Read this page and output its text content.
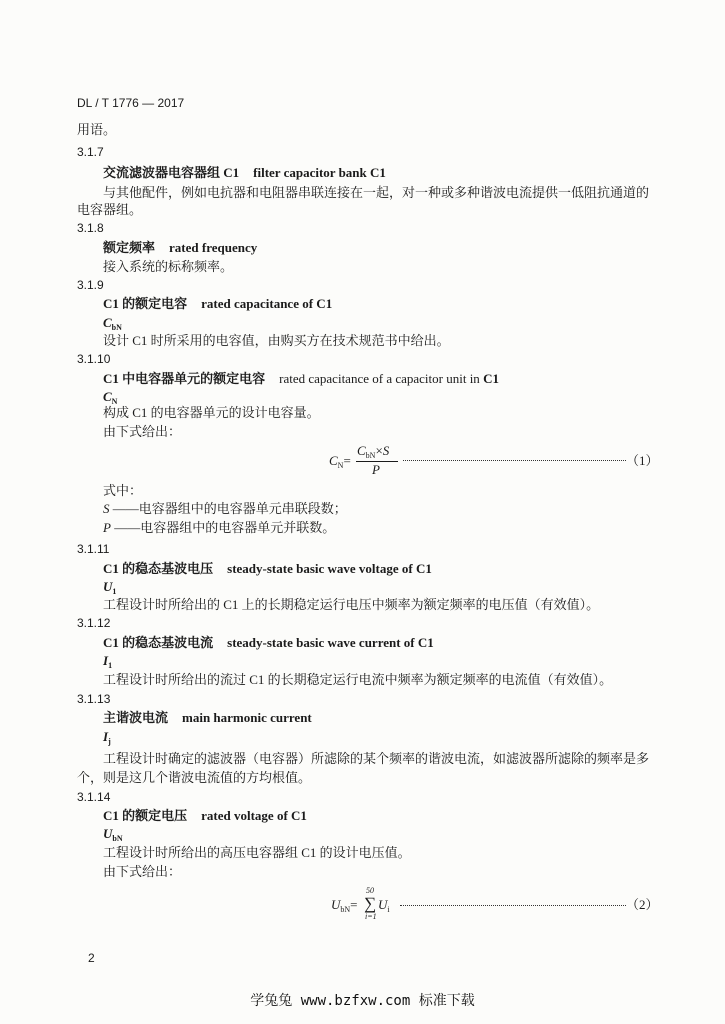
DL / T 1776 — 2017
用语。
3.1.7
交流滤波器电容器组 C1 filter capacitor bank C1
与其他配件，例如电抗器和电阻器串联连接在一起，对一种或多种谐波电流提供一低阻抗通道的
电容器组。
3.1.8
额定频率 rated frequency
接入系统的标称频率。
3.1.9
C1 的额定电容 rated capacitance of C1
$C_{bN}$
设计 C1 时所采用的电容值，由购买方在技术规范书中给出。
3.1.10
C1 中电容器单元的额定电容 rated capacitance of a capacitor unit in C1
$C_N$
构成 C1 的电容器单元的设计电容量。
由下式给出：
$C_N=$
$C_{bN}\times S$
P
（1）
式中：
S ——电容器组中的电容器单元串联段数；
P ——电容器组中的电容器单元并联数。
3.1.11
C1 的稳态基波电压 steady-state basic wave voltage of C1
$U_1$
工程设计时所给出的 C1 上的长期稳定运行电压中频率为额定频率的电压值（有效值）。
3.1.12
C1 的稳态基波电流 steady-state basic wave current of C1
$I_1$
工程设计时所给出的流过 C1 的长期稳定运行电流中频率为额定频率的电流值（有效值）。
3.1.13
主谐波电流 main harmonic current
$I_j$
工程设计时确定的滤波器（电容器）所滤除的某个频率的谐波电流，如滤波器所滤除的频率是多
个，则是这几个谐波电流值的方均根值。
3.1.14
C1 的额定电压 rated voltage of C1
$U_{bN}$
工程设计时所给出的高压电容器组 C1 的设计电压值。
由下式给出：
$U_{bN}=$
50
∑
i=1
$U_i$	（2）
2
学兔兔 www.bzfxw.com 标准下载
